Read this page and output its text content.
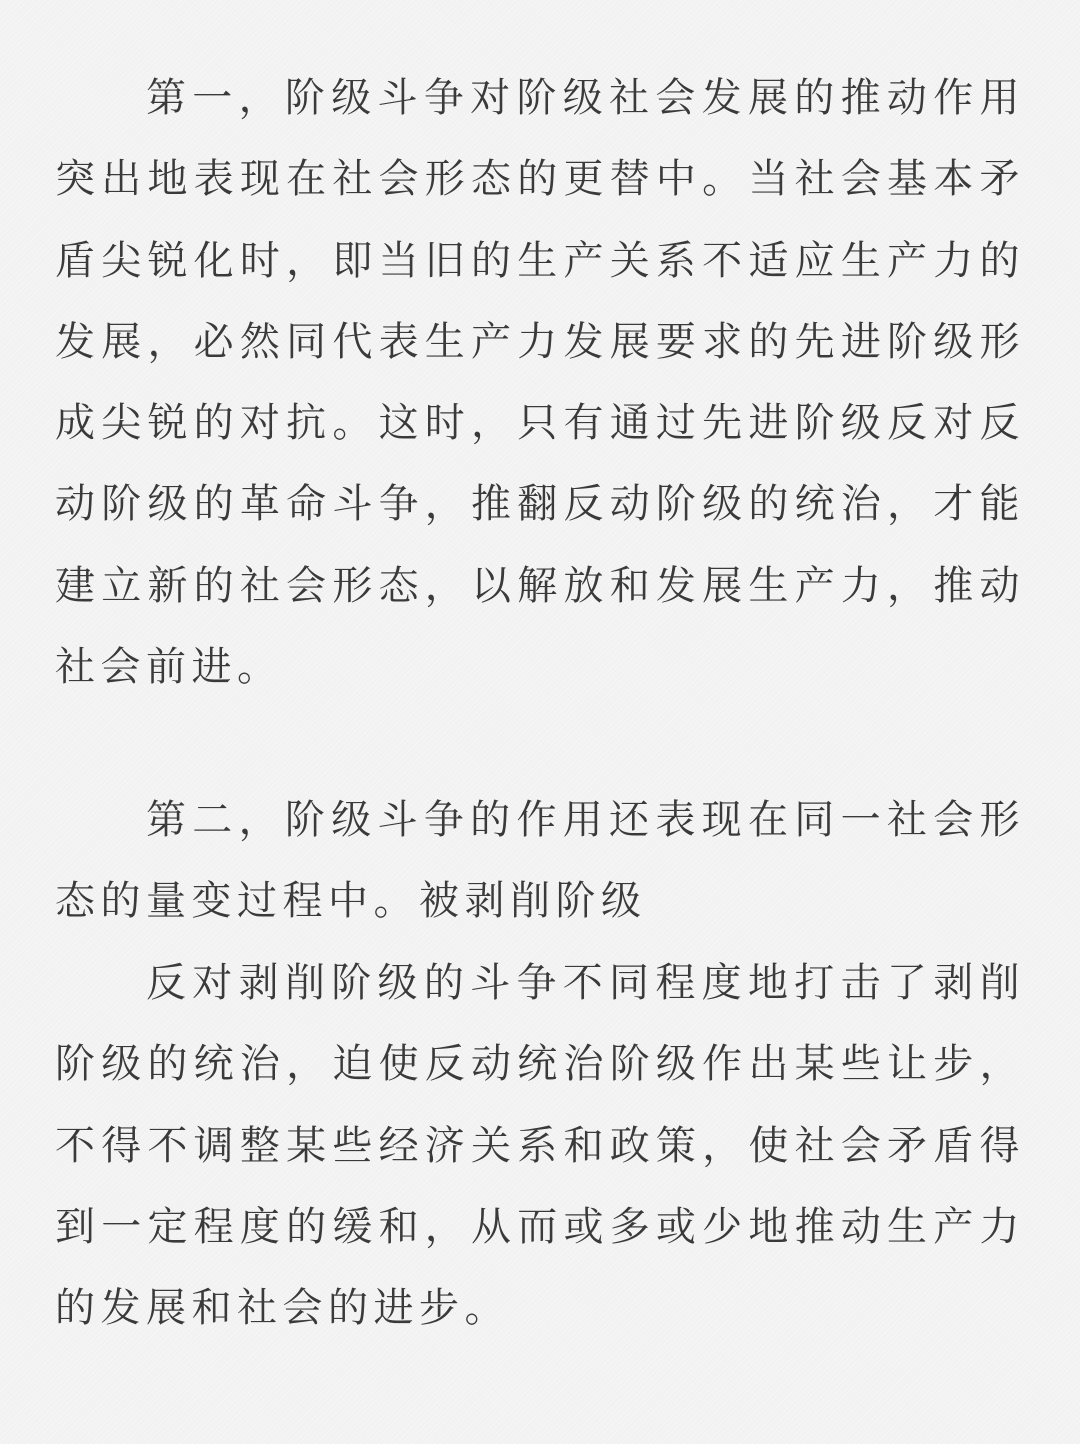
第一，阶级斗争对阶级社会发展的推动作用突出地表现在社会形态的更替中。当社会基本矛盾尖锐化时，即当旧的生产关系不适应生产力的发展，必然同代表生产力发展要求的先进阶级形成尖锐的对抗。这时，只有通过先进阶级反对反动阶级的革命斗争，推翻反动阶级的统治，才能建立新的社会形态，以解放和发展生产力，推动社会前进。

第二，阶级斗争的作用还表现在同一社会形态的量变过程中。被剥削阶级

反对剥削阶级的斗争不同程度地打击了剥削阶级的统治，迫使反动统治阶级作出某些让步，不得不调整某些经济关系和政策，使社会矛盾得到一定程度的缓和，从而或多或少地推动生产力的发展和社会的进步。
